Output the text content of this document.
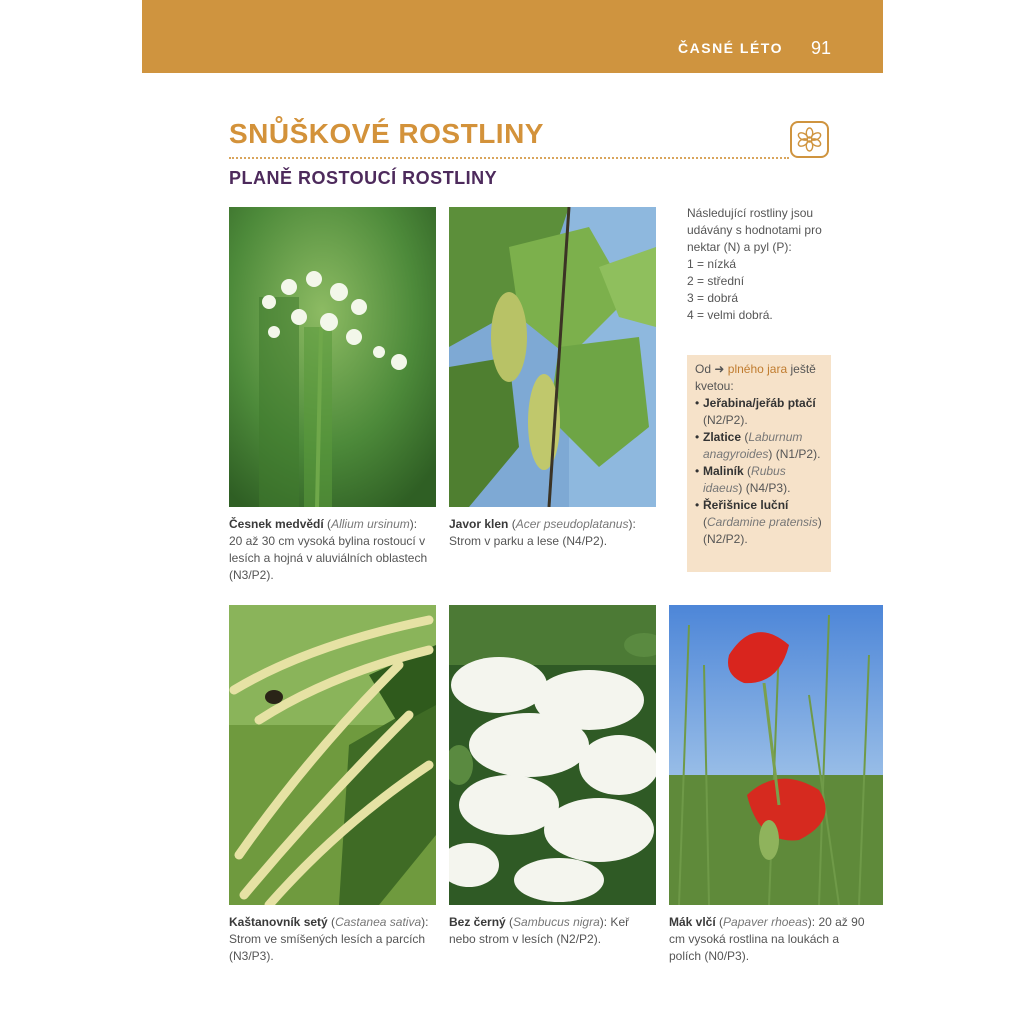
ČASNÉ LÉTO 91
SNŮŠKOVÉ ROSTLINY
PLANĚ ROSTOUCÍ ROSTLINY
Česnek medvědí (Allium ursinum): 20 až 30 cm vysoká bylina rostoucí v lesích a hojná v aluviálních oblastech (N3/P2).
Javor klen (Acer pseudoplatanus): Strom v parku a lese (N4/P2).
Následující rostliny jsou udávány s hodnotami pro nektar (N) a pyl (P):
1 = nízká
2 = střední
3 = dobrá
4 = velmi dobrá.
Od ➜ plného jara ještě kvetou:
• Jeřabina/jeřáb ptačí (N2/P2).
• Zlatice (Laburnum anagyroides) (N1/P2).
• Maliník (Rubus idaeus) (N4/P3).
• Řeřišnice luční (Cardamine pratensis) (N2/P2).
Kaštanovník setý (Castanea sativa): Strom ve smíšených lesích a parcích (N3/P3).
Bez černý (Sambucus nigra): Keř nebo strom v lesích (N2/P2).
Mák vlčí (Papaver rhoeas): 20 až 90 cm vysoká rostlina na loukách a polích (N0/P3).
